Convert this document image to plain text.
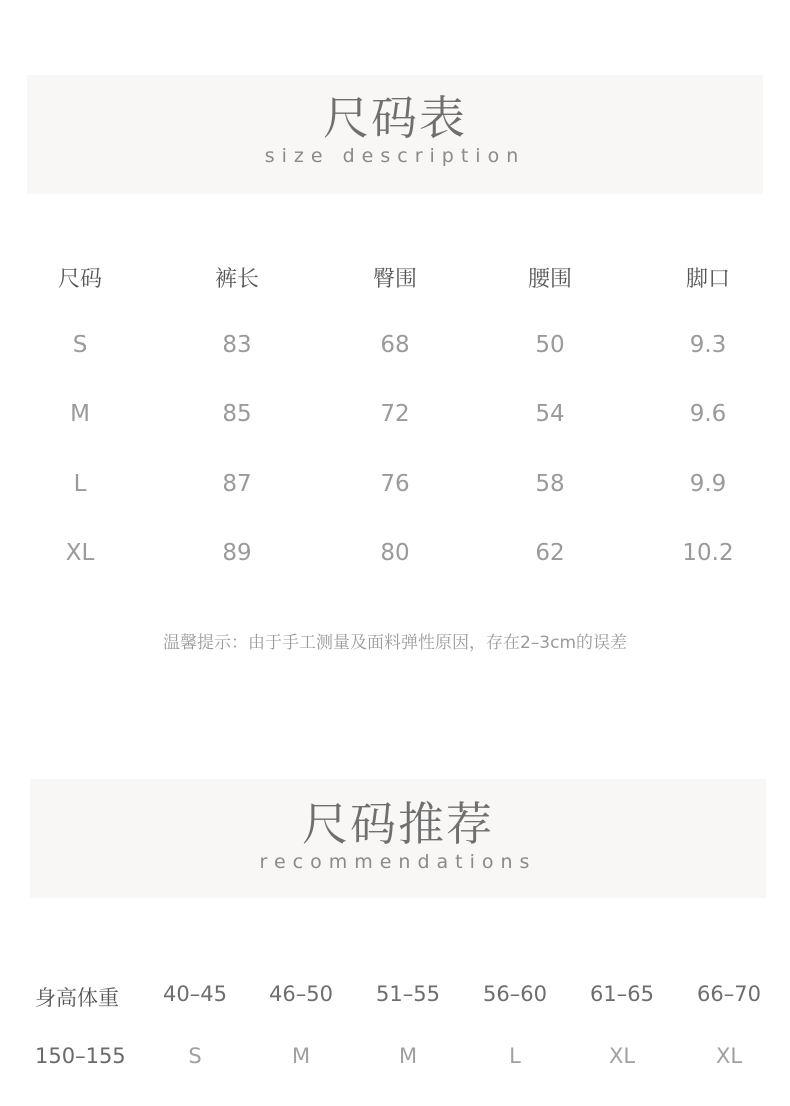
尺码表
size description
尺码	裤长	臀围	腰围	脚口
S	83	68	50	9.3
M	85	72	54	9.6
L	87	76	58	9.9
XL	89	80	62	10.2
温馨提示：由于手工测量及面料弹性原因，存在2–3cm的误差
尺码推荐
recommendations
身高体重	40–45	46–50	51–55	56–60	61–65	66–70
150–155	S	M	M	L	XL	XL
